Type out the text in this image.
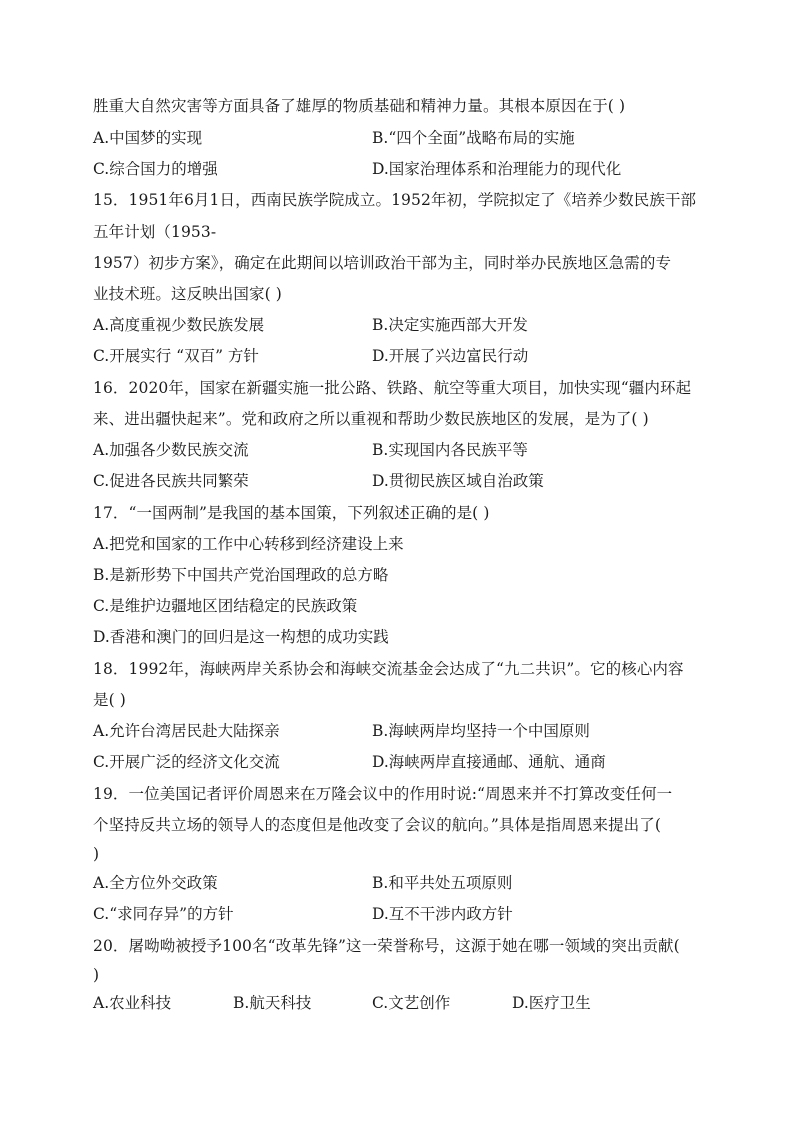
胜重大自然灾害等方面具备了雄厚的物质基础和精神力量。其根本原因在于( )
A.中国梦的实现	B.“四个全面”战略布局的实施
C.综合国力的增强	D.国家治理体系和治理能力的现代化
15．1951年6月1日，西南民族学院成立。1952年初，学院拟定了《培养少数民族干部
五年计划（1953-
1957）初步方案》，确定在此期间以培训政治干部为主，同时举办民族地区急需的专
业技术班。这反映出国家( )
A.高度重视少数民族发展	B.决定实施西部大开发
C.开展实行 “双百” 方针	D.开展了兴边富民行动
16．2020年，国家在新疆实施一批公路、铁路、航空等重大项目，加快实现“疆内环起
来、进出疆快起来”。党和政府之所以重视和帮助少数民族地区的发展，是为了( )
A.加强各少数民族交流	B.实现国内各民族平等
C.促进各民族共同繁荣	D.贯彻民族区域自治政策
17．“一国两制”是我国的基本国策，下列叙述正确的是( )
A.把党和国家的工作中心转移到经济建设上来
B.是新形势下中国共产党治国理政的总方略
C.是维护边疆地区团结稳定的民族政策
D.香港和澳门的回归是这一构想的成功实践
18．1992年，海峡两岸关系协会和海峡交流基金会达成了“九二共识”。它的核心内容
是( )
A.允许台湾居民赴大陆探亲	B.海峡两岸均坚持一个中国原则
C.开展广泛的经济文化交流	D.海峡两岸直接通邮、通航、通商
19．一位美国记者评价周恩来在万隆会议中的作用时说:“周恩来并不打算改变任何一
个坚持反共立场的领导人的态度但是他改变了会议的航向。”具体是指周恩来提出了(
)
A.全方位外交政策	B.和平共处五项原则
C.“求同存异”的方针	D.互不干涉内政方针
20．屠呦呦被授予100名“改革先锋”这一荣誉称号，这源于她在哪一领域的突出贡献(
)
A.农业科技	B.航天科技	C.文艺创作	D.医疗卫生
